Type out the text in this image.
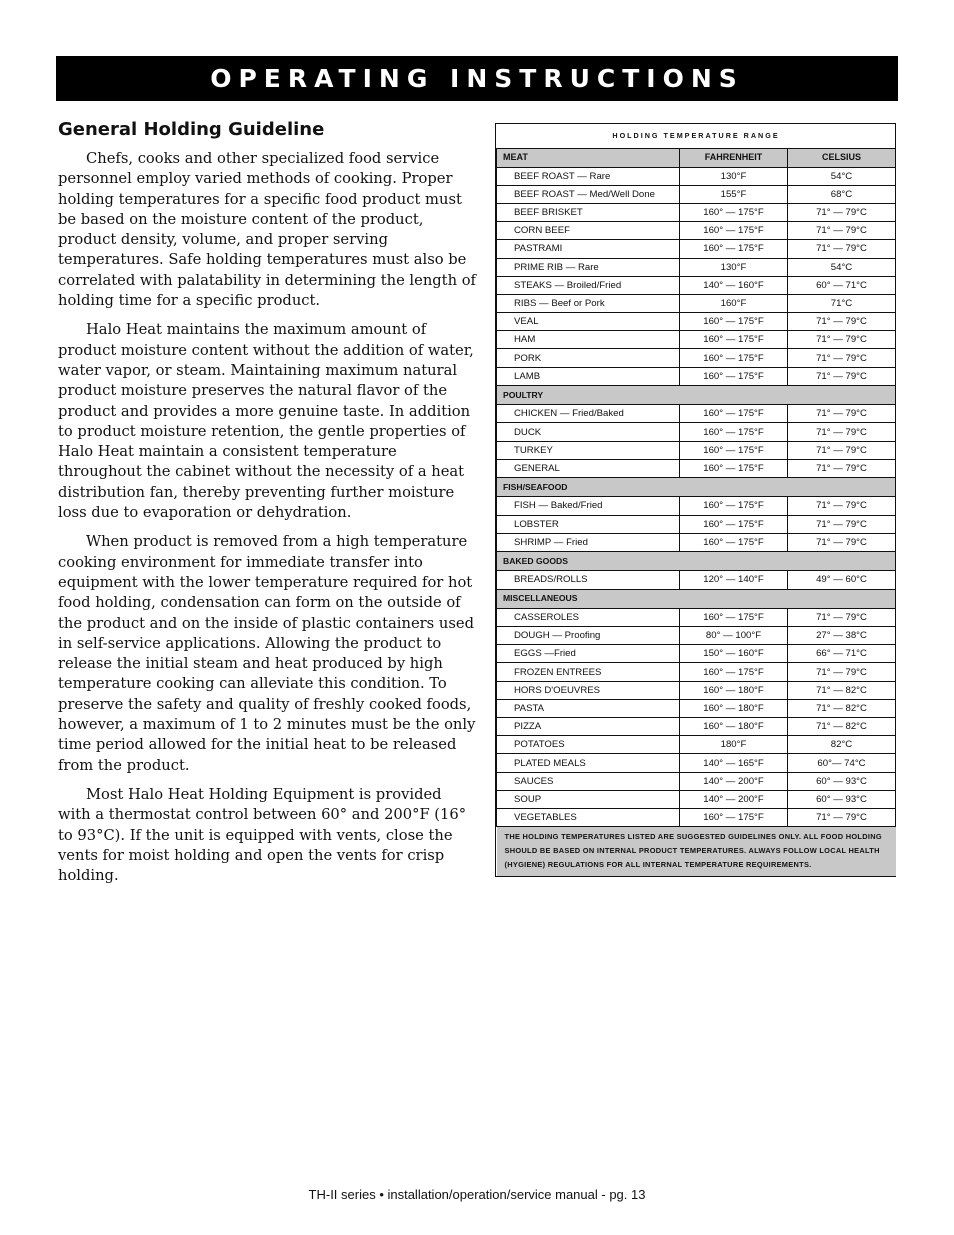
OPERATING INSTRUCTIONS
General Holding Guideline

Chefs, cooks and other specialized food service personnel employ varied methods of cooking. Proper holding temperatures for a specific food product must be based on the moisture content of the product, product density, volume, and proper serving temperatures. Safe holding temperatures must also be correlated with palatability in determining the length of holding time for a specific product.

Halo Heat maintains the maximum amount of product moisture content without the addition of water, water vapor, or steam. Maintaining maximum natural product moisture preserves the natural flavor of the product and provides a more genuine taste. In addition to product moisture retention, the gentle properties of Halo Heat maintain a consistent temperature throughout the cabinet without the necessity of a heat distribution fan, thereby preventing further moisture loss due to evaporation or dehydration.

When product is removed from a high temperature cooking environment for immediate transfer into equipment with the lower temperature required for hot food holding, condensation can form on the outside of the product and on the inside of plastic containers used in self-service applications. Allowing the product to release the initial steam and heat produced by high temperature cooking can alleviate this condition. To preserve the safety and quality of freshly cooked foods, however, a maximum of 1 to 2 minutes must be the only time period allowed for the initial heat to be released from the product.

Most Halo Heat Holding Equipment is provided with a thermostat control between 60° and 200°F (16° to 93°C). If the unit is equipped with vents, close the vents for moist holding and open the vents for crisp holding.

HOLDING TEMPERATURE RANGE		
MEAT	FAHRENHEIT	CELSIUS
BEEF ROAST — Rare	130°F	54°C
BEEF ROAST — Med/Well Done	155°F	68°C
BEEF BRISKET	160° — 175°F	71° — 79°C
CORN BEEF	160° — 175°F	71° — 79°C
PASTRAMI	160° — 175°F	71° — 79°C
PRIME RIB — Rare	130°F	54°C
STEAKS — Broiled/Fried	140° — 160°F	60° — 71°C
RIBS — Beef or Pork	160°F	71°C
VEAL	160° — 175°F	71° — 79°C
HAM	160° — 175°F	71° — 79°C
PORK	160° — 175°F	71° — 79°C
LAMB	160° — 175°F	71° — 79°C
POULTRY		
CHICKEN — Fried/Baked	160° — 175°F	71° — 79°C
DUCK	160° — 175°F	71° — 79°C
TURKEY	160° — 175°F	71° — 79°C
GENERAL	160° — 175°F	71° — 79°C
FISH/SEAFOOD		
FISH — Baked/Fried	160° — 175°F	71° — 79°C
LOBSTER	160° — 175°F	71° — 79°C
SHRIMP — Fried	160° — 175°F	71° — 79°C
BAKED GOODS		
BREADS/ROLLS	120° — 140°F	49° — 60°C
MISCELLANEOUS		
CASSEROLES	160° — 175°F	71° — 79°C
DOUGH — Proofing	80° — 100°F	27° — 38°C
EGGS —Fried	150° — 160°F	66° — 71°C
FROZEN ENTREES	160° — 175°F	71° — 79°C
HORS D'OEUVRES	160° — 180°F	71° — 82°C
PASTA	160° — 180°F	71° — 82°C
PIZZA	160° — 180°F	71° — 82°C
POTATOES	180°F	82°C
PLATED MEALS	140° — 165°F	60°— 74°C
SAUCES	140° — 200°F	60° — 93°C
SOUP	140° — 200°F	60° — 93°C
VEGETABLES	160° — 175°F	71° — 79°C
THE HOLDING TEMPERATURES LISTED ARE SUGGESTED GUIDELINES ONLY. ALL FOOD HOLDING SHOULD BE BASED ON INTERNAL PRODUCT TEMPERATURES. ALWAYS FOLLOW LOCAL HEALTH (HYGIENE) REGULATIONS FOR ALL INTERNAL TEMPERATURE REQUIREMENTS.		
TH-II series • installation/operation/service manual - pg. 13
